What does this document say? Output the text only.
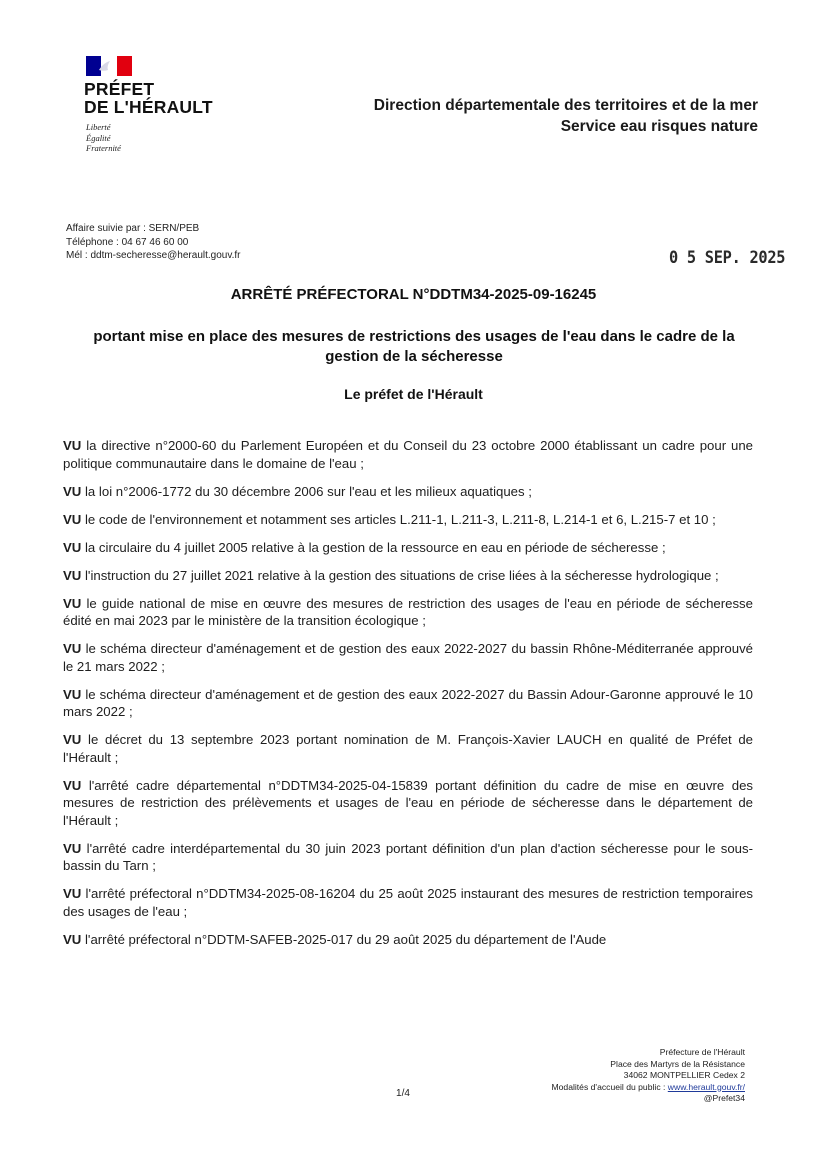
PRÉFET
DE L'HÉRAULT
Liberté
Égalité
Fraternité
Direction départementale des territoires et de la mer
Service eau risques nature
Affaire suivie par : SERN/PEB
Téléphone : 04 67 46 60 00
Mél : ddtm-secheresse@herault.gouv.fr	0 5 SEP. 2025
ARRÊTÉ PRÉFECTORAL N°DDTM34-2025-09-16245
portant mise en place des mesures de restrictions des usages de l'eau dans le cadre de la gestion de la sécheresse
Le préfet de l'Hérault

VU la directive n°2000-60 du Parlement Européen et du Conseil du 23 octobre 2000 établissant un cadre pour une politique communautaire dans le domaine de l'eau ;

VU la loi n°2006-1772 du 30 décembre 2006 sur l'eau et les milieux aquatiques ;

VU le code de l'environnement et notamment ses articles L.211-1, L.211-3, L.211-8, L.214-1 et 6, L.215-7 et 10 ;

VU la circulaire du 4 juillet 2005 relative à la gestion de la ressource en eau en période de sécheresse ;

VU l'instruction du 27 juillet 2021 relative à la gestion des situations de crise liées à la sécheresse hydrologique ;

VU le guide national de mise en œuvre des mesures de restriction des usages de l'eau en période de sécheresse édité en mai 2023 par le ministère de la transition écologique ;

VU le schéma directeur d'aménagement et de gestion des eaux 2022-2027 du bassin Rhône-Méditerranée approuvé le 21 mars 2022 ;

VU le schéma directeur d'aménagement et de gestion des eaux 2022-2027 du Bassin Adour-Garonne approuvé le 10 mars 2022 ;

VU le décret du 13 septembre 2023 portant nomination de M. François-Xavier LAUCH en qualité de Préfet de l'Hérault ;

VU l'arrêté cadre départemental n°DDTM34-2025-04-15839 portant définition du cadre de mise en œuvre des mesures de restriction des prélèvements et usages de l'eau en période de sécheresse dans le département de l'Hérault ;

VU l'arrêté cadre interdépartemental du 30 juin 2023 portant définition d'un plan d'action sécheresse pour le sous-bassin du Tarn ;

VU l'arrêté préfectoral n°DDTM34-2025-08-16204 du 25 août 2025 instaurant des mesures de restriction temporaires des usages de l'eau ;

VU l'arrêté préfectoral n°DDTM-SAFEB-2025-017 du 29 août 2025 du département de l'Aude

1/4
Préfecture de l'Hérault
Place des Martyrs de la Résistance
34062 MONTPELLIER Cedex 2
Modalités d'accueil du public : www.herault.gouv.fr/
@Prefet34
